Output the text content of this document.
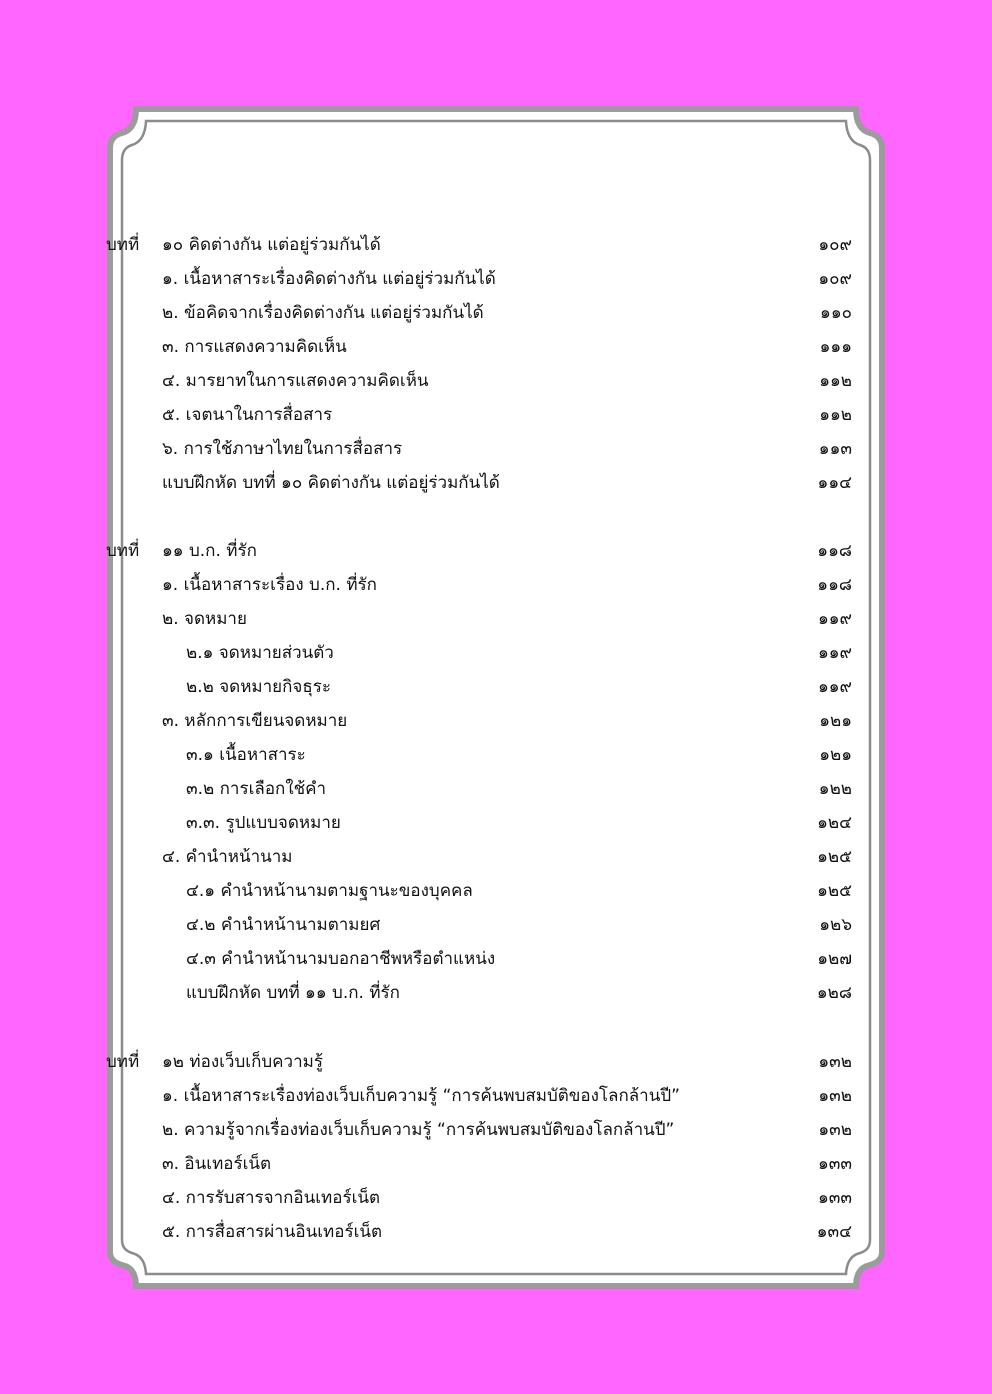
บทที่ ๑๐ คิดต่างกัน แต่อยู่ร่วมกันได้	๑๐๙
๑. เนื้อหาสาระเรื่องคิดต่างกัน แต่อยู่ร่วมกันได้	๑๐๙
๒. ข้อคิดจากเรื่องคิดต่างกัน แต่อยู่ร่วมกันได้	๑๑๐
๓. การแสดงความคิดเห็น	๑๑๑
๔. มารยาทในการแสดงความคิดเห็น	๑๑๒
๕. เจตนาในการสื่อสาร	๑๑๒
๖. การใช้ภาษาไทยในการสื่อสาร	๑๑๓
แบบฝึกหัด บทที่ ๑๐ คิดต่างกัน แต่อยู่ร่วมกันได้	๑๑๔
บทที่ ๑๑ บ.ก. ที่รัก	๑๑๘
๑. เนื้อหาสาระเรื่อง บ.ก. ที่รัก	๑๑๘
๒. จดหมาย	๑๑๙
๒.๑ จดหมายส่วนตัว	๑๑๙
๒.๒ จดหมายกิจธุระ	๑๑๙
๓. หลักการเขียนจดหมาย	๑๒๑
๓.๑ เนื้อหาสาระ	๑๒๑
๓.๒ การเลือกใช้คำ	๑๒๒
๓.๓. รูปแบบจดหมาย	๑๒๔
๔. คำนำหน้านาม	๑๒๕
๔.๑ คำนำหน้านามตามฐานะของบุคคล	๑๒๕
๔.๒ คำนำหน้านามตามยศ	๑๒๖
๔.๓ คำนำหน้านามบอกอาชีพหรือตำแหน่ง	๑๒๗
แบบฝึกหัด บทที่ ๑๑ บ.ก. ที่รัก	๑๒๘
บทที่ ๑๒ ท่องเว็บเก็บความรู้	๑๓๒
๑. เนื้อหาสาระเรื่องท่องเว็บเก็บความรู้ “การค้นพบสมบัติของโลกล้านปี”	๑๓๒
๒. ความรู้จากเรื่องท่องเว็บเก็บความรู้ “การค้นพบสมบัติของโลกล้านปี”	๑๓๒
๓. อินเทอร์เน็ต	๑๓๓
๔. การรับสารจากอินเทอร์เน็ต	๑๓๓
๕. การสื่อสารผ่านอินเทอร์เน็ต	๑๓๔
